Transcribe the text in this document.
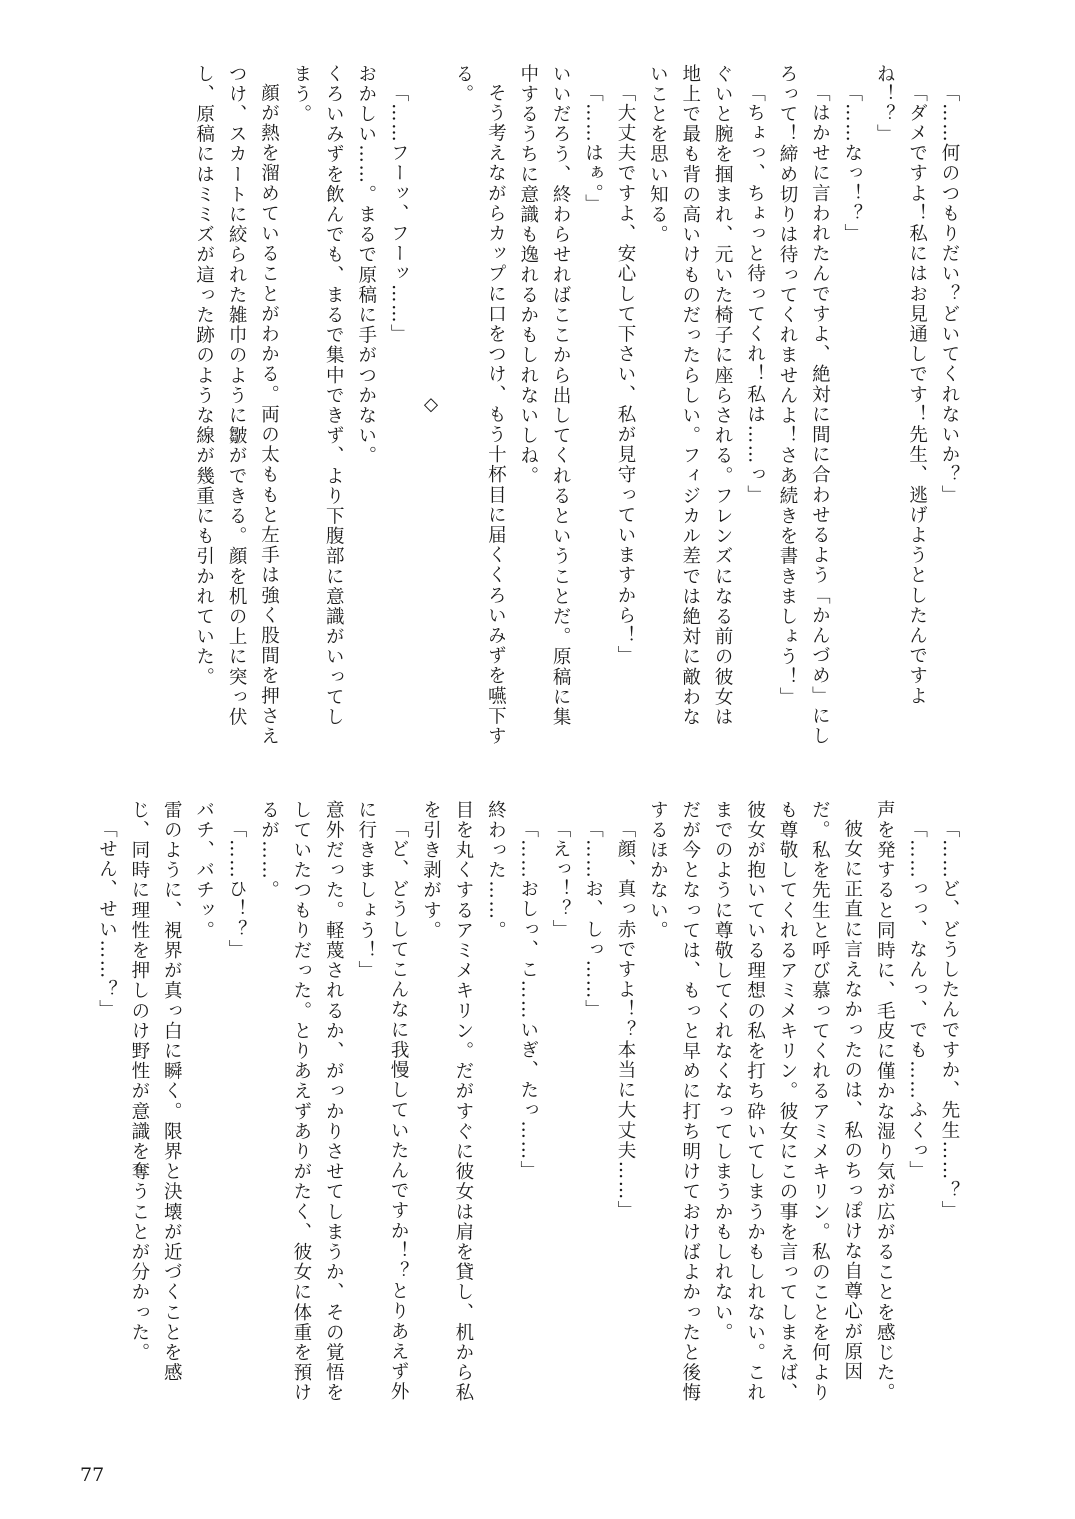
「……何のつもりだい？どいてくれないか？」

「ダメですよ！私にはお見通しです！先生、逃げようとしたんですよね！？」

「……なっ！？」

「はかせに言われたんですよ、絶対に間に合わせるよう「かんづめ」にしろって！締め切りは待ってくれませんよ！さあ続きを書きましょう！」

「ちょっ、ちょっと待ってくれ！私は……っ」

ぐいと腕を掴まれ、元いた椅子に座らされる。フレンズになる前の彼女は地上で最も背の高いけものだったらしい。フィジカル差では絶対に敵わないことを思い知る。

「大丈夫ですよ、安心して下さい、私が見守っていますから！」

「……はぁ。」

いいだろう、終わらせればここから出してくれるということだ。原稿に集中するうちに意識も逸れるかもしれないしね。

そう考えながらカップに口をつけ、もう十杯目に届くくろいみずを嚥下する。

◇

「……フーッ、フーッ……」

おかしい……。まるで原稿に手がつかない。

くろいみずを飲んでも、まるで集中できず、より下腹部に意識がいってしまう。

顔が熱を溜めていることがわかる。両の太ももと左手は強く股間を押さえつけ、スカートに絞られた雑巾のように皺ができる。顔を机の上に突っ伏し、原稿にはミミズが這った跡のような線が幾重にも引かれていた。

「……ど、どうしたんですか、先生……？」

「……っっ、なんっ、でも……ふくっ」

声を発すると同時に、毛皮に僅かな湿り気が広がることを感じた。

彼女に正直に言えなかったのは、私のちっぽけな自尊心が原因だ。私を先生と呼び慕ってくれるアミメキリン。私のことを何よりも尊敬してくれるアミメキリン。彼女にこの事を言ってしまえば、彼女が抱いている理想の私を打ち砕いてしまうかもしれない。これまでのように尊敬してくれなくなってしまうかもしれない。

だが今となっては、もっと早めに打ち明けておけばよかったと後悔するほかない。

「顔、真っ赤ですよ！？本当に大丈夫……」

「……お、しっ……」

「えっ！？」

「……おしっ、こ……いぎ、たっ……」

終わった……。

目を丸くするアミメキリン。だがすぐに彼女は肩を貸し、机から私を引き剥がす。

「ど、どうしてこんなに我慢していたんですか！？とりあえず外に行きましょう！」

意外だった。軽蔑されるか、がっかりさせてしまうか、その覚悟をしていたつもりだった。とりあえずありがたく、彼女に体重を預けるが……。

「……ひ！？」

バチ、バチッ。

雷のように、視界が真っ白に瞬く。限界と決壊が近づくことを感じ、同時に理性を押しのけ野性が意識を奪うことが分かった。

「せん、せい……？」

77
